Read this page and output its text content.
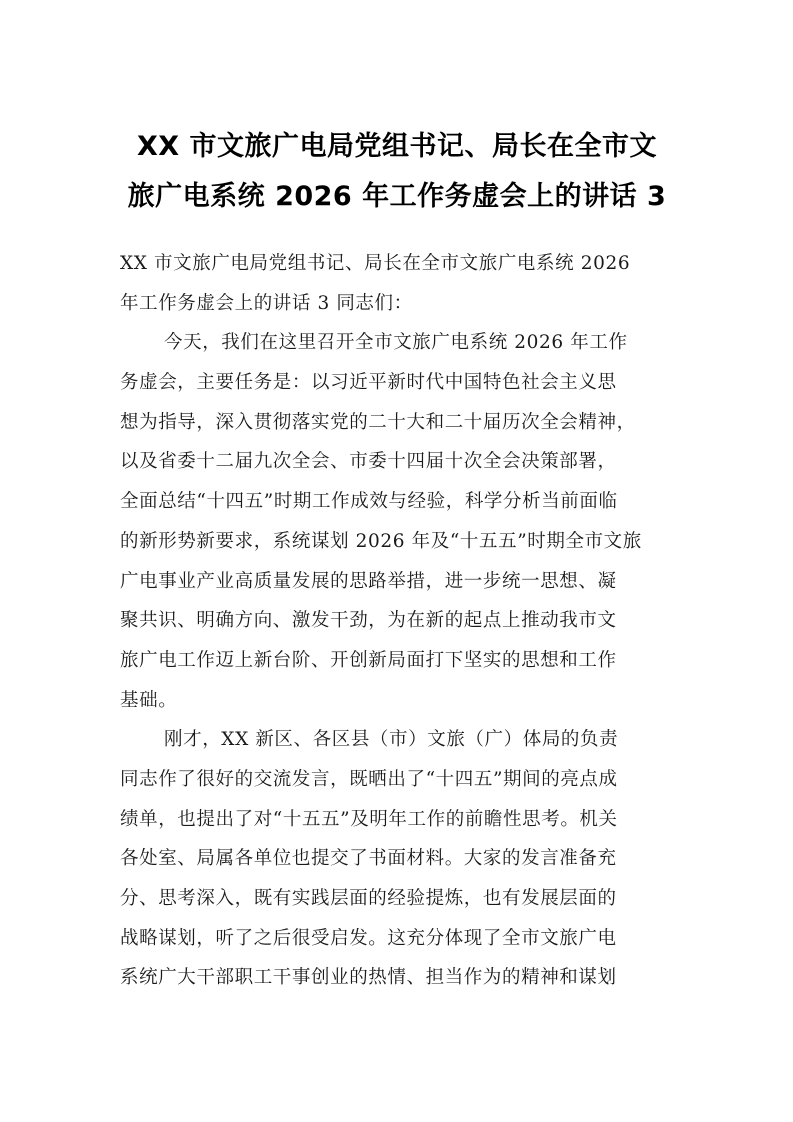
XX 市文旅广电局党组书记、局长在全市文
旅广电系统 2026 年工作务虚会上的讲话 3

XX 市文旅广电局党组书记、局长在全市文旅广电系统 2026
年工作务虚会上的讲话 3 同志们：

今天，我们在这里召开全市文旅广电系统 2026 年工作
务虚会，主要任务是：以习近平新时代中国特色社会主义思
想为指导，深入贯彻落实党的二十大和二十届历次全会精神，
以及省委十二届九次全会、市委十四届十次全会决策部署，
全面总结“十四五”时期工作成效与经验，科学分析当前面临
的新形势新要求，系统谋划 2026 年及“十五五”时期全市文旅
广电事业产业高质量发展的思路举措，进一步统一思想、凝
聚共识、明确方向、激发干劲，为在新的起点上推动我市文
旅广电工作迈上新台阶、开创新局面打下坚实的思想和工作
基础。

刚才，XX 新区、各区县（市）文旅（广）体局的负责
同志作了很好的交流发言，既晒出了“十四五”期间的亮点成
绩单，也提出了对“十五五”及明年工作的前瞻性思考。机关
各处室、局属各单位也提交了书面材料。大家的发言准备充
分、思考深入，既有实践层面的经验提炼，也有发展层面的
战略谋划，听了之后很受启发。这充分体现了全市文旅广电
系统广大干部职工干事创业的热情、担当作为的精神和谋划
